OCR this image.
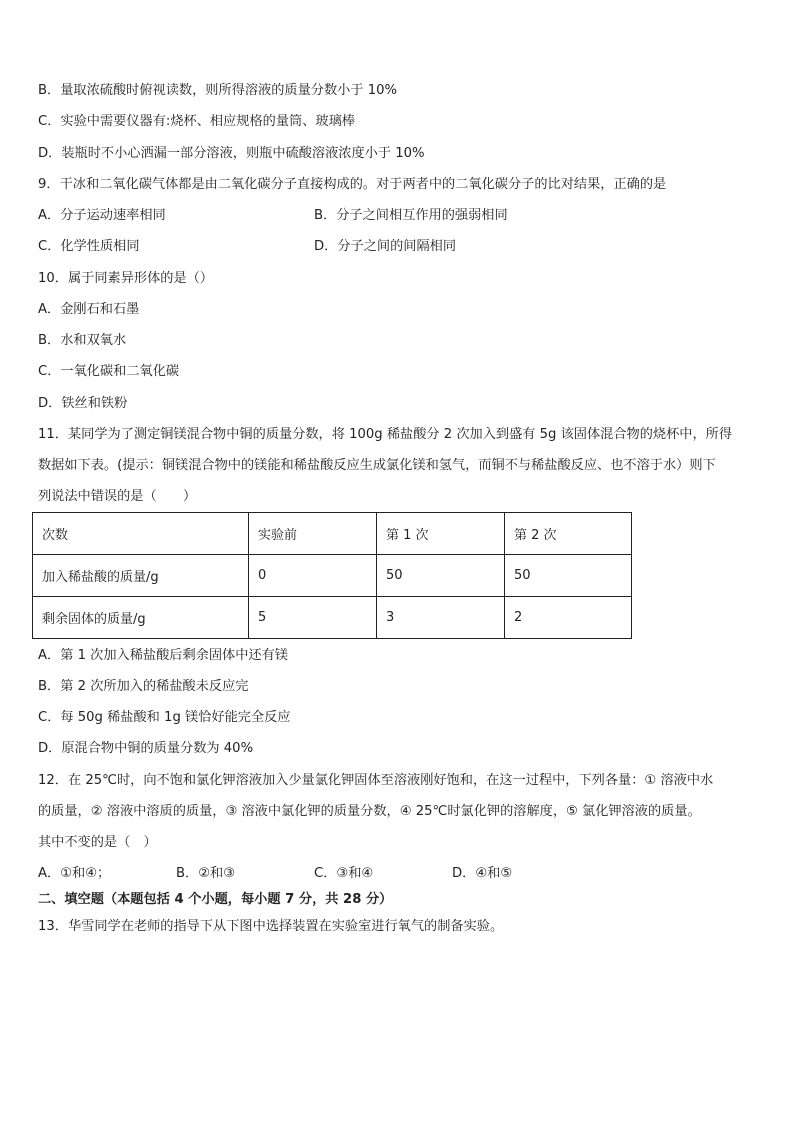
B．量取浓硫酸时俯视读数，则所得溶液的质量分数小于 10%
C．实验中需要仪器有:烧杯、相应规格的量筒、玻璃棒
D．装瓶时不小心洒漏一部分溶液，则瓶中硫酸溶液浓度小于 10%
9．干冰和二氧化碳气体都是由二氧化碳分子直接构成的。对于两者中的二氧化碳分子的比对结果，正确的是
A．分子运动速率相同	B．分子之间相互作用的强弱相同
C．化学性质相同	D．分子之间的间隔相同
10．属于同素异形体的是（）
A．金刚石和石墨
B．水和双氧水
C．一氧化碳和二氧化碳
D．铁丝和铁粉
11．某同学为了测定铜镁混合物中铜的质量分数，将 100g 稀盐酸分 2 次加入到盛有 5g 该固体混合物的烧杯中，所得
数据如下表。(提示：铜镁混合物中的镁能和稀盐酸反应生成氯化镁和氢气，而铜不与稀盐酸反应、也不溶于水）则下
列说法中错误的是（　　）
次数	实验前	第 1 次	第 2 次
加入稀盐酸的质量/g	0	50	50
剩余固体的质量/g	5	3	2
A．第 1 次加入稀盐酸后剩余固体中还有镁
B．第 2 次所加入的稀盐酸未反应完
C．每 50g 稀盐酸和 1g 镁恰好能完全反应
D．原混合物中铜的质量分数为 40%
12．在 25℃时，向不饱和氯化钾溶液加入少量氯化钾固体至溶液刚好饱和，在这一过程中，下列各量：① 溶液中水
的质量，② 溶液中溶质的质量，③ 溶液中氯化钾的质量分数，④ 25℃时氯化钾的溶解度，⑤ 氯化钾溶液的质量。
其中不变的是（　）
A．①和④；	B．②和③	C．③和④	D．④和⑤
二、填空题（本题包括 4 个小题，每小题 7 分，共 28 分）
13．华雪同学在老师的指导下从下图中选择装置在实验室进行氧气的制备实验。
